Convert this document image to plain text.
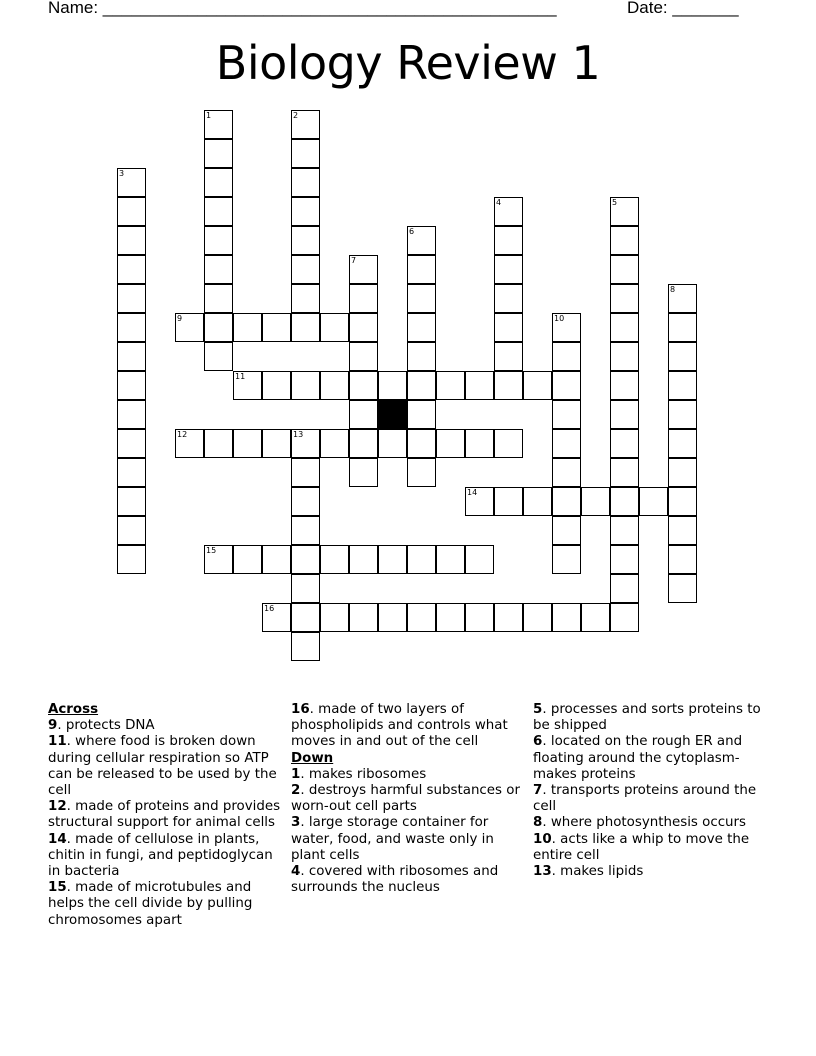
Name: ________________________________________________	Date: _______
Biology Review 1
1	2
3
4	5
6
7
8
9	10
11
12	13
14
15
16
Across
9. protects DNA
11. where food is broken down during cellular respiration so ATP can be released to be used by the cell
12. made of proteins and provides structural support for animal cells
14. made of cellulose in plants, chitin in fungi, and peptidoglycan in bacteria
15. made of microtubules and helps the cell divide by pulling chromosomes apart
16. made of two layers of phospholipids and controls what moves in and out of the cell
Down
1. makes ribosomes
2. destroys harmful substances or worn-out cell parts
3. large storage container for water, food, and waste only in plant cells
4. covered with ribosomes and surrounds the nucleus
5. processes and sorts proteins to be shipped
6. located on the rough ER and floating around the cytoplasm-makes proteins
7. transports proteins around the cell
8. where photosynthesis occurs
10. acts like a whip to move the entire cell
13. makes lipids
